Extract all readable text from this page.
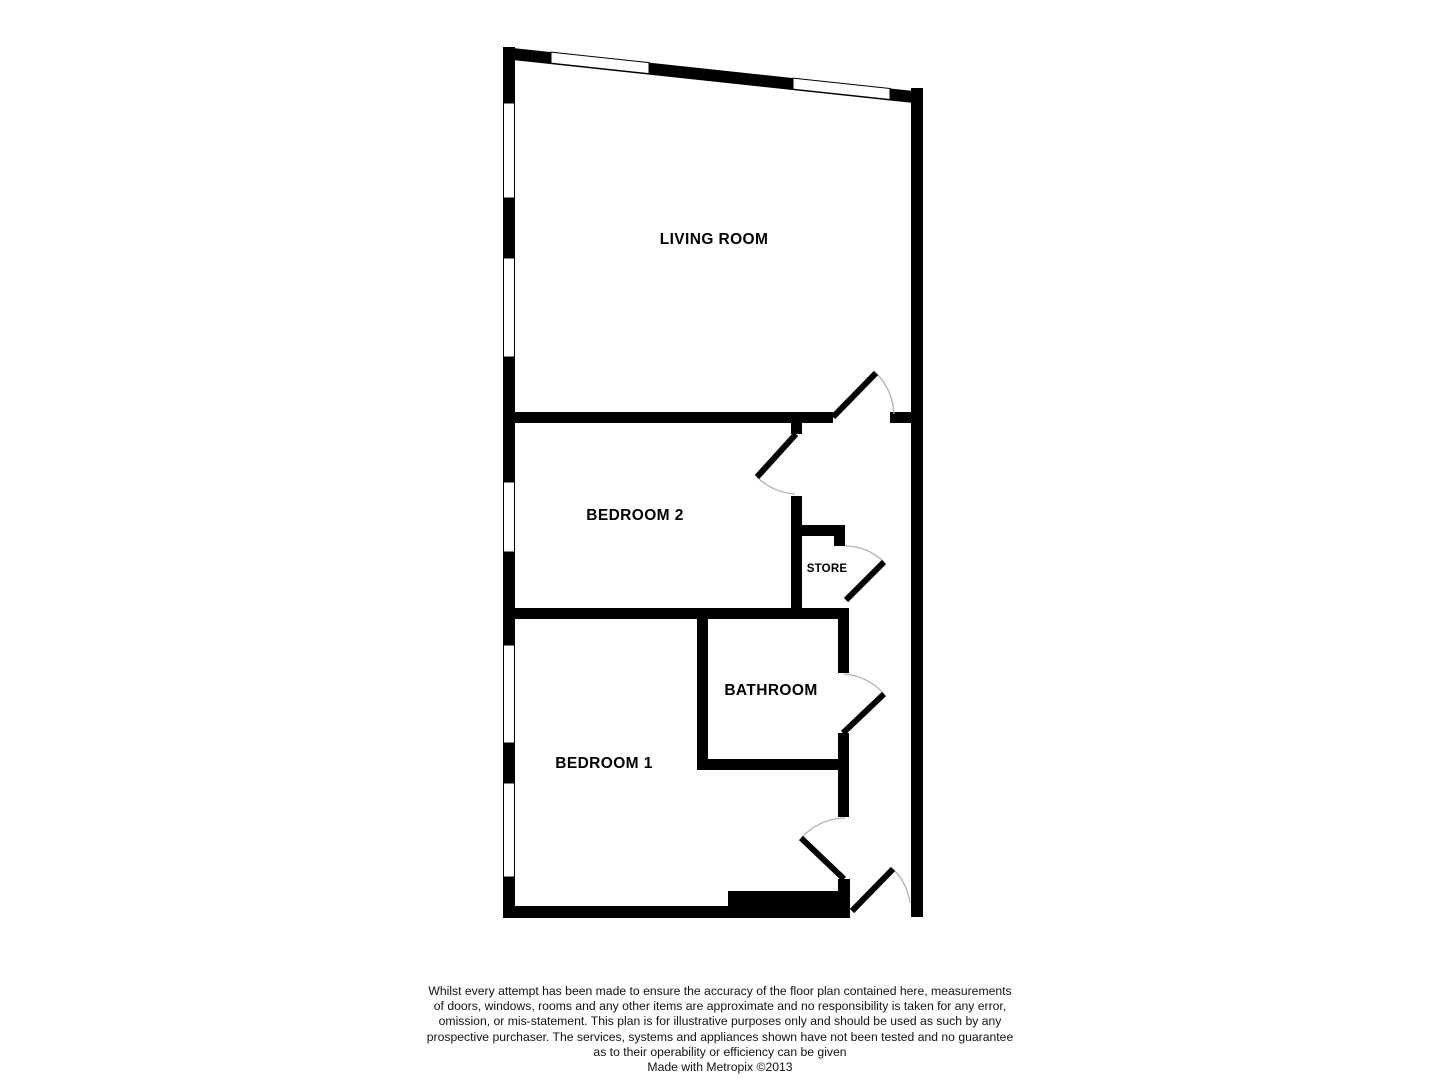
LIVING ROOM
BEDROOM 2
STORE
BATHROOM
BEDROOM 1
Whilst every attempt has been made to ensure the accuracy of the floor plan contained here, measurements
of doors, windows, rooms and any other items are approximate and no responsibility is taken for any error,
omission, or mis-statement. This plan is for illustrative purposes only and should be used as such by any
prospective purchaser. The services, systems and appliances shown have not been tested and no guarantee
as to their operability or efficiency can be given
Made with Metropix ©2013
